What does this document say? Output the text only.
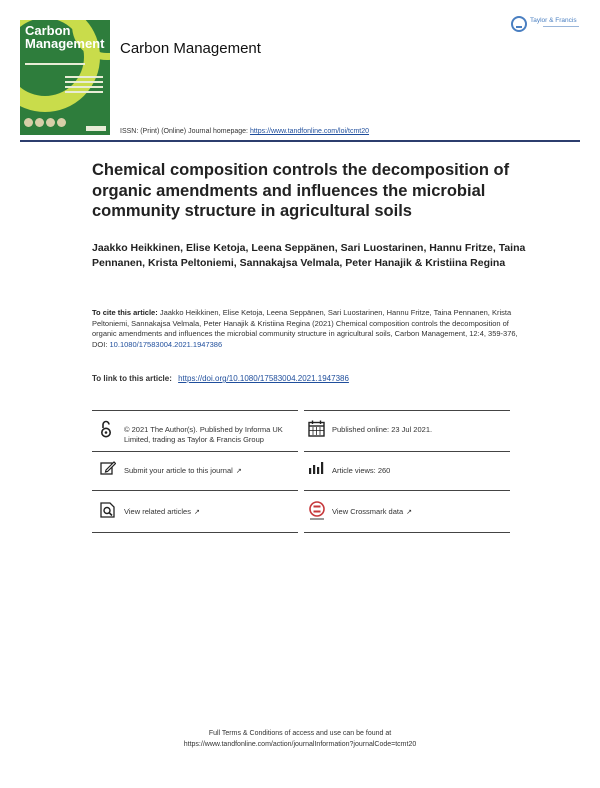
Carbon
Management Carbon Management
Taylor & Francis
ISSN: (Print) (Online) Journal homepage: https://www.tandfonline.com/loi/tcmt20
Chemical composition controls the decomposition of organic amendments and influences the microbial community structure in agricultural soils
Jaakko Heikkinen, Elise Ketoja, Leena Seppänen, Sari Luostarinen, Hannu Fritze, Taina Pennanen, Krista Peltoniemi, Sannakajsa Velmala, Peter Hanajik & Kristiina Regina
To cite this article: Jaakko Heikkinen, Elise Ketoja, Leena Seppänen, Sari Luostarinen, Hannu Fritze, Taina Pennanen, Krista Peltoniemi, Sannakajsa Velmala, Peter Hanajik & Kristiina Regina (2021) Chemical composition controls the decomposition of organic amendments and influences the microbial community structure in agricultural soils, Carbon Management, 12:4, 359-376, DOI: 10.1080/17583004.2021.1947386
To link to this article: https://doi.org/10.1080/17583004.2021.1947386
© 2021 The Author(s). Published by Informa UK Limited, trading as Taylor & Francis Group
Published online: 23 Jul 2021.
Submit your article to this journal ↗	Article views: 260
View related articles ↗	View Crossmark data ↗
Full Terms & Conditions of access and use can be found at
https://www.tandfonline.com/action/journalInformation?journalCode=tcmt20
